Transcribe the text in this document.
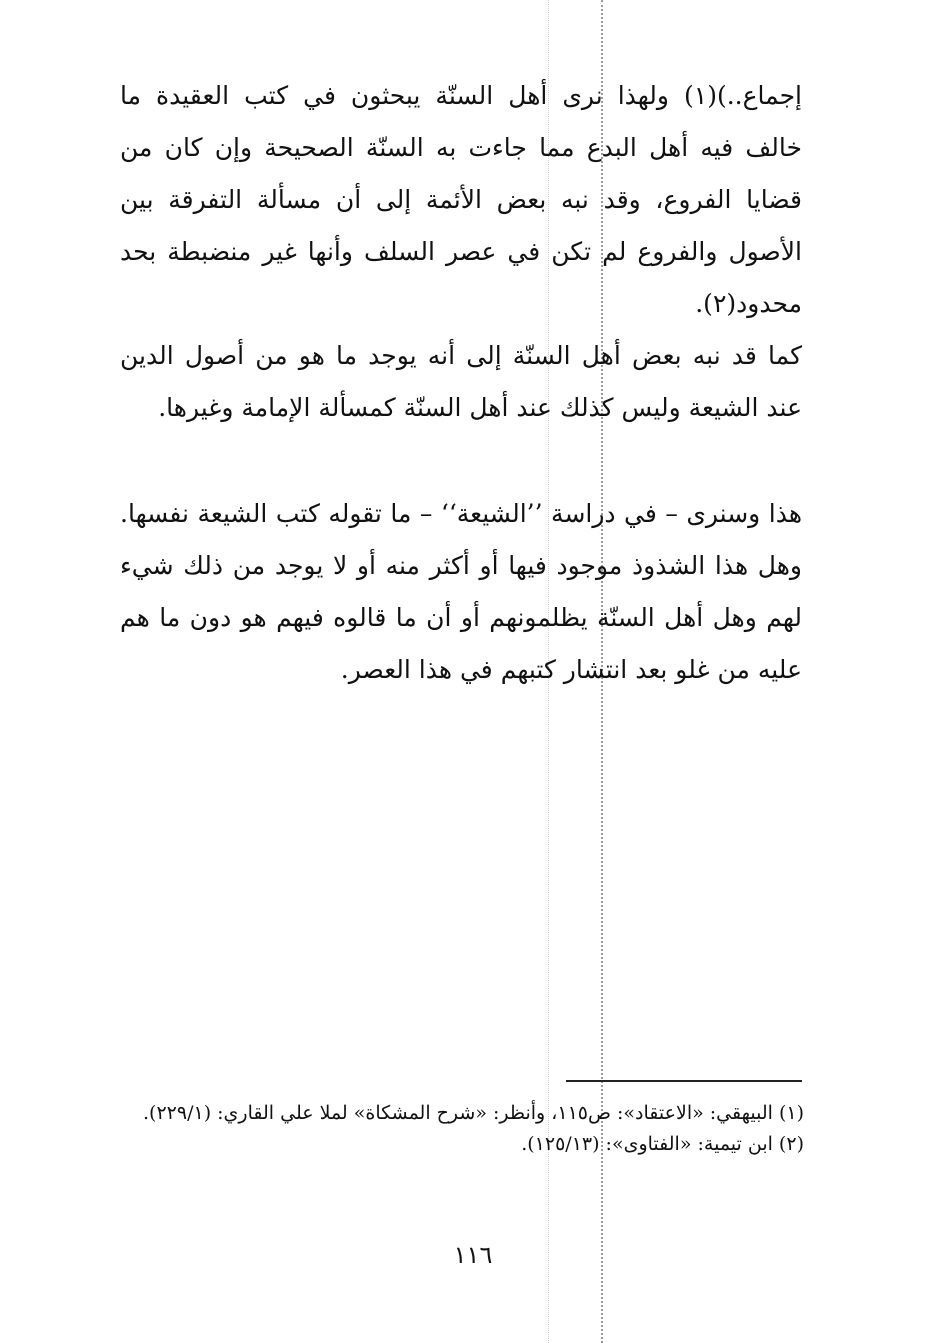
إجماع..)(١) ولهذا نرى أهل السنّة يبحثون في كتب العقيدة ما خالف فيه أهل البدع مما جاءت به السنّة الصحيحة وإن كان من قضايا الفروع، وقد نبه بعض الأئمة إلى أن مسألة التفرقة بين الأصول والفروع لم تكن في عصر السلف وأنها غير منضبطة بحد محدود(٢).

كما قد نبه بعض أهل السنّة إلى أنه يوجد ما هو من أصول الدين عند الشيعة وليس كذلك عند أهل السنّة كمسألة الإمامة وغيرها.

هذا وسنرى – في دراسة ’’الشيعة‘‘ – ما تقوله كتب الشيعة نفسها. وهل هذا الشذوذ موجود فيها أو أكثر منه أو لا يوجد من ذلك شيء لهم وهل أهل السنّة يظلمونهم أو أن ما قالوه فيهم هو دون ما هم عليه من غلو بعد انتشار كتبهم في هذا العصر.

(١) البيهقي: «الاعتقاد»: ص١١٥، وأنظر: «شرح المشكاة» لملا علي القاري: (٢٢٩/١).

(٢) ابن تيمية: «الفتاوى»: (١٢٥/١٣).

١١٦
